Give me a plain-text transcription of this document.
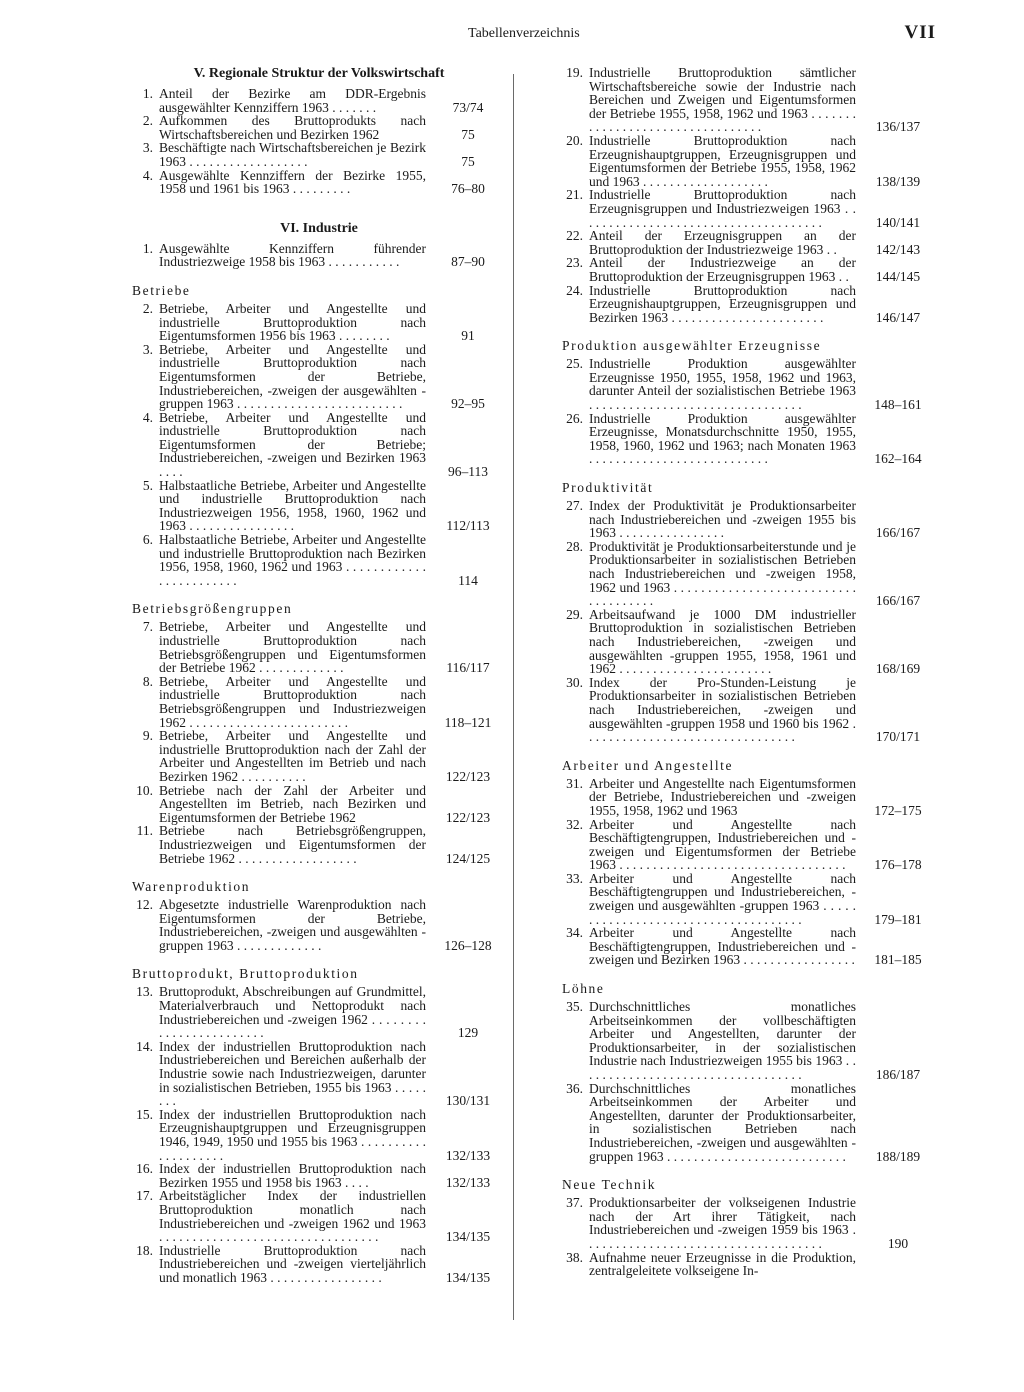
Tabellenverzeichnis	VII
V. Regionale Struktur der Volkswirtschaft
1. Anteil der Bezirke am DDR-Ergebnis ausgewählter Kennziffern 1963 . . . . . . .	73/74
2. Aufkommen des Bruttoprodukts nach Wirtschaftsbereichen und Bezirken 1962	75
3. Beschäftigte nach Wirtschaftsbereichen je Bezirk 1963 . . . . . . . . . . . . . . . . . .	75
4. Ausgewählte Kennziffern der Bezirke 1955, 1958 und 1961 bis 1963 . . . . . . . . .	76–80
VI. Industrie
1. Ausgewählte Kennziffern führender Industriezweige 1958 bis 1963 . . . . . . . . . . .	87–90
Betriebe
2. Betriebe, Arbeiter und Angestellte und industrielle Bruttoproduktion nach Eigentumsformen 1956 bis 1963 . . . . . . . .	91
3. Betriebe, Arbeiter und Angestellte und industrielle Bruttoproduktion nach Eigentumsformen der Betriebe, Industriebereichen, -zweigen der ausgewählten -gruppen 1963 . . . . . . . . . . . . . . . . . . . . . . . . .	92–95
4. Betriebe, Arbeiter und Angestellte und industrielle Bruttoproduktion nach Eigentumsformen der Betriebe; Industriebereichen, -zweigen und Bezirken 1963 . . . .	96–113
5. Halbstaatliche Betriebe, Arbeiter und Angestellte und industrielle Bruttoproduktion nach Industriezweigen 1956, 1958, 1960, 1962 und 1963 . . . . . . . . . . . . . . . .	112/113
6. Halbstaatliche Betriebe, Arbeiter und Angestellte und industrielle Bruttoproduktion nach Bezirken 1956, 1958, 1960, 1962 und 1963 . . . . . . . . . . . . . . . . . . . . . . . .	114
Betriebsgrößengruppen
7. Betriebe, Arbeiter und Angestellte und industrielle Bruttoproduktion nach Betriebsgrößengruppen und Eigentumsformen der Betriebe 1962 . . . . . . . . . . . . .	116/117
8. Betriebe, Arbeiter und Angestellte und industrielle Bruttoproduktion nach Betriebsgrößengruppen und Industriezweigen 1962 . . . . . . . . . . . . . . . . . . . . . . . .	118–121
9. Betriebe, Arbeiter und Angestellte und industrielle Bruttoproduktion nach der Zahl der Arbeiter und Angestellten im Betrieb und nach Bezirken 1962 . . . . . . . . . .	122/123
10. Betriebe nach der Zahl der Arbeiter und Angestellten im Betrieb, nach Bezirken und Eigentumsformen der Betriebe 1962	122/123
11. Betriebe nach Betriebsgrößengruppen, Industriezweigen und Eigentumsformen der Betriebe 1962 . . . . . . . . . . . . . . . . . .	124/125
Warenproduktion
12. Abgesetzte industrielle Warenproduktion nach Eigentumsformen der Betriebe, Industriebereichen, -zweigen und ausgewählten -gruppen 1963 . . . . . . . . . . . . .	126–128
Bruttoprodukt, Bruttoproduktion
13. Bruttoprodukt, Abschreibungen auf Grundmittel, Materialverbrauch und Nettoprodukt nach Industriebereichen und -zweigen 1962 . . . . . . . . . . . . . . . . . . . . . . . .	129
14. Index der industriellen Bruttoproduktion nach Industriebereichen und Bereichen außerhalb der Industrie sowie nach Industriezweigen, darunter in sozialistischen Betrieben, 1955 bis 1963 . . . . . . . .	130/131
15. Index der industriellen Bruttoproduktion nach Erzeugnishauptgruppen und Erzeugnisgruppen 1946, 1949, 1950 und 1955 bis 1963 . . . . . . . . . . . . . . . . . . . .	132/133
16. Index der industriellen Bruttoproduktion nach Bezirken 1955 und 1958 bis 1963 . . . .	132/133
17. Arbeitstäglicher Index der industriellen Bruttoproduktion monatlich nach Industriebereichen und -zweigen 1962 und 1963 . . . . . . . . . . . . . . . . . . . . . . . . . . . . . . . . .	134/135
18. Industrielle Bruttoproduktion nach Industriebereichen und -zweigen vierteljährlich und monatlich 1963 . . . . . . . . . . . . . . . . .	134/135
19. Industrielle Bruttoproduktion sämtlicher Wirtschaftsbereiche sowie der Industrie nach Bereichen und Zweigen und Eigentumsformen der Betriebe 1955, 1958, 1962 und 1963 . . . . . . . . . . . . . . . . . . . . . . . . . . . . . . . . .	136/137
20. Industrielle Bruttoproduktion nach Erzeugnishauptgruppen, Erzeugnisgruppen und Eigentumsformen der Betriebe 1955, 1958, 1962 und 1963 . . . . . . . . . . . . . . . . . . .	138/139
21. Industrielle Bruttoproduktion nach Erzeugnisgruppen und Industriezweigen 1963 . . . . . . . . . . . . . . . . . . . . . . . . . . . . . . . . . . . . .	140/141
22. Anteil der Erzeugnisgruppen an der Bruttoproduktion der Industriezweige 1963 . .	142/143
23. Anteil der Industriezweige an der Bruttoproduktion der Erzeugnisgruppen 1963 . .	144/145
24. Industrielle Bruttoproduktion nach Erzeugnishauptgruppen, Erzeugnisgruppen und Bezirken 1963 . . . . . . . . . . . . . . . . . . . . . . .	146/147
Produktion ausgewählter Erzeugnisse
25. Industrielle Produktion ausgewählter Erzeugnisse 1950, 1955, 1958, 1962 und 1963, darunter Anteil der sozialistischen Betriebe 1963 . . . . . . . . . . . . . . . . . . . . . . . . . . . . . . . .	148–161
26. Industrielle Produktion ausgewählter Erzeugnisse, Monatsdurchschnitte 1950, 1955, 1958, 1960, 1962 und 1963; nach Monaten 1963 . . . . . . . . . . . . . . . . . . . . . . . . . . .	162–164
Produktivität
27. Index der Produktivität je Produktionsarbeiter nach Industriebereichen und -zweigen 1955 bis 1963 . . . . . . . . . . . . . . . .	166/167
28. Produktivität je Produktionsarbeiterstunde und je Produktionsarbeiter in sozialistischen Betrieben nach Industriebereichen und -zweigen 1958, 1962 und 1963 . . . . . . . . . . . . . . . . . . . . . . . . . . . . . . . . . . . . .	166/167
29. Arbeitsaufwand je 1000 DM industrieller Bruttoproduktion in sozialistischen Betrieben nach Industriebereichen, -zweigen und ausgewählten -gruppen 1955, 1958, 1961 und 1962 . . . . . . . . . . . . . . . . . . . . . . .	168/169
30. Index der Pro-Stunden-Leistung je Produktionsarbeiter in sozialistischen Betrieben nach Industriebereichen, -zweigen und ausgewählten -gruppen 1958 und 1960 bis 1962 . . . . . . . . . . . . . . . . . . . . . . . . . . . . . . . .	170/171
Arbeiter und Angestellte
31. Arbeiter und Angestellte nach Eigentumsformen der Betriebe, Industriebereichen und -zweigen 1955, 1958, 1962 und 1963	172–175
32. Arbeiter und Angestellte nach Beschäftigtengruppen, Industriebereichen und -zweigen und Eigentumsformen der Betriebe 1963 . . . . . . . . . . . . . . . . . . . . . . . . . . . . . . . . . .	176–178
33. Arbeiter und Angestellte nach Beschäftigtengruppen und Industriebereichen, -zweigen und ausgewählten -gruppen 1963 . . . . . . . . . . . . . . . . . . . . . . . . . . . . . . . . . . . . .	179–181
34. Arbeiter und Angestellte nach Beschäftigtengruppen, Industriebereichen und -zweigen und Bezirken 1963 . . . . . . . . . . . . . . . . .	181–185
Löhne
35. Durchschnittliches monatliches Arbeitseinkommen der vollbeschäftigten Arbeiter und Angestellten, darunter der Produktionsarbeiter, in der sozialistischen Industrie nach Industriezweigen 1955 bis 1963 . . . . . . . . . . . . . . . . . . . . . . . . . . . . . . . . . .	186/187
36. Durchschnittliches monatliches Arbeitseinkommen der Arbeiter und Angestellten, darunter der Produktionsarbeiter, in sozialistischen Betrieben nach Industriebereichen, -zweigen und ausgewählten -gruppen 1963 . . . . . . . . . . . . . . . . . . . . . . . . . . .	188/189
Neue Technik
37. Produktionsarbeiter der volkseigenen Industrie nach der Art ihrer Tätigkeit, nach Industriebereichen und -zweigen 1959 bis 1963 . . . . . . . . . . . . . . . . . . . . . . . . . . . . . . . . . . . .	190
38. Aufnahme neuer Erzeugnisse in die Produktion, zentralgeleitete volkseigene In-
